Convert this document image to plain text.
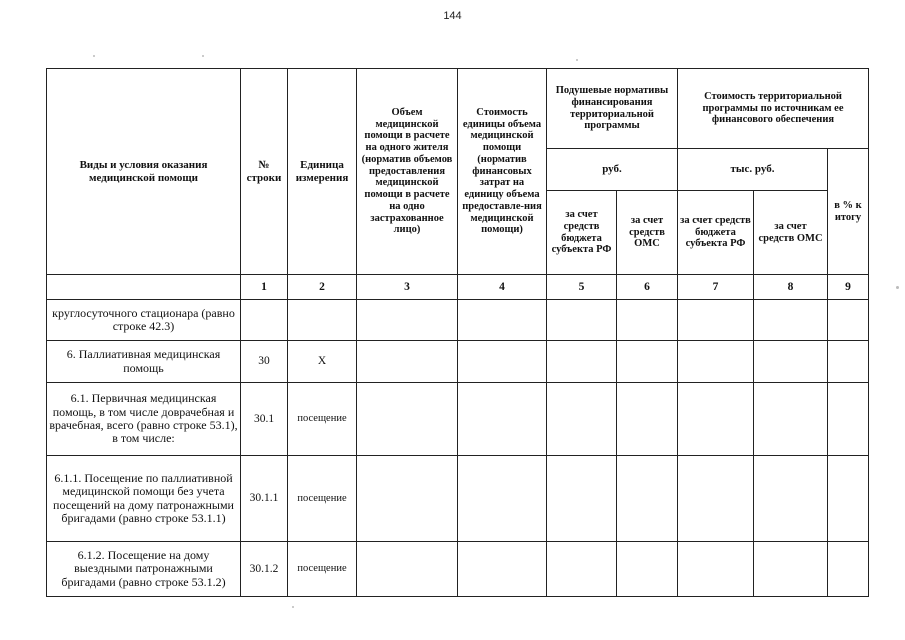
144
Виды и условия оказания медицинской помощи	№ строки	Единица измерения	Объем медицинской помощи в расчете на одного жителя (норматив объемов предоставления медицинской помощи в расчете на одно застрахованное лицо)	Стоимость единицы объема медицинской помощи (норматив финансовых затрат на единицу объема предоставле-ния медицинской помощи)	Подушевые нормативы финансирования территориальной программы		Стоимость территориальной программы по источникам ее финансового обеспечения		
					руб.		тыс. руб.		в % к итогу
					за счет средств бюджета субъекта РФ	за счет средств ОМС	за счет средств бюджета субъекта РФ	за счет средств ОМС	
	1	2	3	4	5	6	7	8	9
круглосуточного стационара (равно строке 42.3)									
6. Паллиативная медицинская помощь	30	Х							
6.1. Первичная медицинская помощь, в том числе доврачебная и врачебная, всего (равно строке 53.1), в том числе:	30.1	посещение							
6.1.1. Посещение по паллиативной медицинской помощи без учета посещений на дому патронажными бригадами (равно строке 53.1.1)	30.1.1	посещение							
6.1.2. Посещение на дому выездными патронажными бригадами (равно строке 53.1.2)	30.1.2	посещение							
